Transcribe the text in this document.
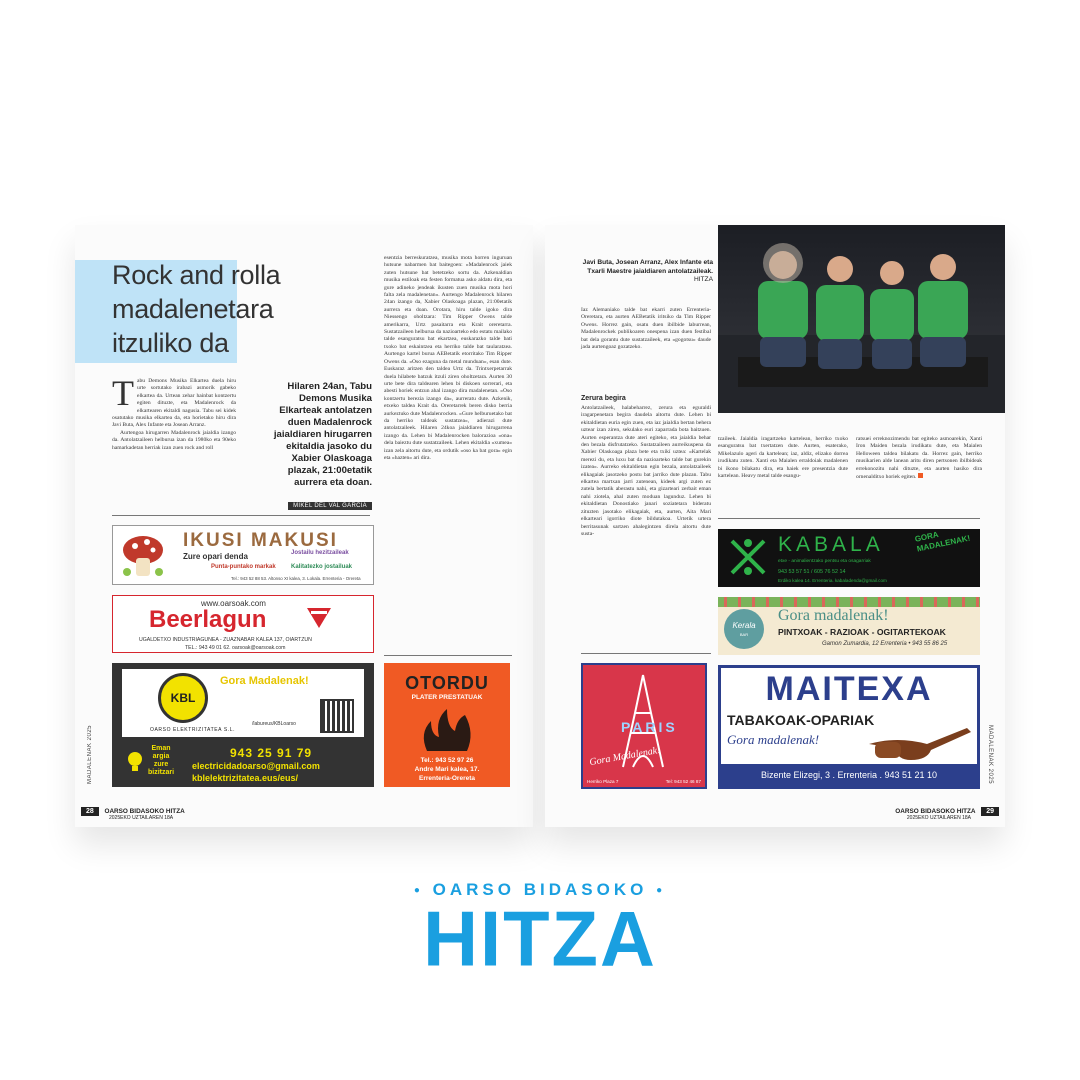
Rock and rolla madalenetara itzuliko da
T abu Demons Musika Elkartea duela hiru urte sortutako irabazi asmorik gabeko elkartea da. Urtean zehar hainbat kontzertu egiten dituzte, eta Madalenrock da elkartearen ekitaldi nagusia. Tabu sei kidek osatutako musika elkartea da, eta horietako hiru dira Javi Buta, Alex Infante eta Josean Arranz.
Aurtengoa hirugarren Madalenrock jaialdia izango da. Antolatzaileen helburua izan da 1980ko eta 90eko hamarkadetan herriak izan zuen rock and roll
Hilaren 24an, Tabu Demons Musika Elkarteak antolatzen duen Madalenrock jaialdiaren hirugarren ekitaldia jasoko du Xabier Olaskoaga plazak, 21:00etatik aurrera eta doan.
MIKEL DEL VAL GARCIA
esentzia berreskuratzea, musika mota horren inguruan hutsune nabarmen bat baitegoen: «Madalenrock jaiek zuten hutsune bat betetzeko sortu da. Azkenaldian musika estiloak eta festen formatua asko aldatu dira, eta gure adineko jendeak ikusten zuen musika mota hori falta zela madalenetan». Aurtengo Madalenrock hilaren 24an izango da, Xabier Olaskoaga plazan, 21:00etatik aurrera eta doan. Orotara, hiru talde igoko dira Niessengo oholtzara: Tim Ripper Owens talde amerikarra, Urtz pasaitarra eta Krait oreretarra. Sustatzaileen helburua da nazioarteko edo estatu mailako talde esanguratsu bat ekartzea, euskarazko talde bati txoko bat eskaintzea eta herriko talde bat taularatzea. Aurtengo kartel burua AEBetatik etorritako Tim Ripper Owens da. «Oso ezaguna da metal munduan», esan dute. Euskaraz aritzen den taldea Urtz da. Trintxerpetarrak duela hilabete batzuk itzuli ziren oholtzetara. Aurten 30 urte bete dira taldearen lehen bi diskoen sorrerari, eta abesti horiek entzun ahal izango dira madalenetan. «Oso kontzertu berezia izango da», aurreratu dute. Azkenik, etxeko taldea Krait da. Oreretarrek beren disko berria aurkeztuko dute Madalenrocken. «Gure helburuetako bat da herriko taldeak sustatzea», adierazi dute antolatzaileek. Hilaren 24koa jaialdiaren hirugarrena izango da. Lehen bi Madalenrocken balorazioa «ona» dela baieztu dute sustatzaileek. Lehen ekitaldia «xumea» izan zela aitortu dute, eta ordutik «oso ka bat gora» egin eta «hazten» ari dira.
IKUSI MAKUSI
Zure opari denda	Jostailu hezitzaileak
Punta-puntako markak	Kalitatezko jostailuak
Tel.: 943 52 88 53. Altonso XI kalea, 3. Lokala. Errenteria - Orereta
www.oarsoak.com
Beerlagun
UGALDETXO INDUSTRIAGUNEA - ZUAZNABAR KALEA 137, OIARTZUN
TEL.: 943 49 01 62. oarsoak@oarsoak.com
KBL
Gora Madalenak!
OARSO ELEKTRIZITATEA S.L.
/labureus/KBLoarso
Eman
argia
zure
bizitzari
943 25 91 79
electricidadoarso@gmail.com
kblelektrizitatea.eus/eus/
OTORDU
PLATER PRESTATUAK
Tel.: 943 52 97 26
Andre Mari kalea, 17.
Errenteria-Orereta
MADALENAK 2025
28 OARSO BIDASOKO HITZA
2025EKO UZTAILAREN 18A
Javi Buta, Josean Arranz, Alex Infante eta Txarli Maestre jaialdiaren antolatzaileak. HITZA
Iaz Alemaniako talde bat ekarri zuten Errenteria-Oreretara, eta aurten AEBetatik iritsiko da Tim Ripper Owens. Horrez gain, osatu duen ibilbide laburrean, Madalenrockek publikoaren onespena izan duen festibal bat dela gorantu dute sustatzaileek, eta «gogotsu» daude jada aurtengoaz gozatzeko.
Zerura begira
Antolatzaileek, halabeharrez, zerura eta eguraldi iragarpenetara begira daudela aitortu dute. Lehen bi ekitaldietan euria egin zuen, eta iaz jaialdia bertan behera uztear izan ziren, sekulako euri zaparrada bota baitzuen. Aurten esperantza dute ateri egiteko, eta jaialdia behar den bezala disfrutatzeko. Sustatzaileen aurreikuspena da Xabier Olaskoaga plaza bete eta txikí uztea: «Kartelak merezi du, eta luxu bat da nazioarteko talde bat gurekin izatea». Aurreko ekitaldietan egin bezala, antolatzaileek elikagaiak jasotzeko postu bat jarriko dute plazan. Tabu elkartea martxan jarri zutenean, kideek argi zuten ez zutela bertatik aberastu nahi, eta gizarteari zerbait eman nahi ziotela, ahal zuten moduan lagunduz. Lehen bi ekitaldietan Donostiako janari soziatetara bideratu zituzten jasotako elikagaiak, eta, aurten, Aita Mari elkarteari igorriko diote bildutakoa. Urtetik urtera berritasunak sartzen ahalegintzen direla aitortu dute susta-
tzaileek. Jaialdia iragartzeko kartelean, herriko txoko esanguratsu bat txertatzen dute. Aurten, esaterako, Mikelazulo ageri da kartelean; iaz, aldiz, elizako dorrea irudikatu zuten. Xanti eta Maialen erraldoiak madalenen bi ikono bilakatu dira, eta haiek ere presentzia dute kartelean. Heavy metal talde esangu-
ratsuei erreknozimendu bat egiteko asmoarekin, Xanti Iron Maiden bezala irudikatu dute, eta Maialen Helloween taldea bilakatu da. Horrez gain, herriko musikarien alde lanean aritu diren pertsonen ibilbideak errekonozitu nahi dituzte, eta aurten hasiko dira ornenalditxo horiek egiten.
KABALA	GORA MADALENAK!
etxe - animalientzako pentsu eta osagarriak
943 53 57 51 / 605 76 52 14
Erdiko kalea 14. Errenteria. kabaladenda@gmail.com
Kerala
BAR
Gora madalenak!
PINTXOAK - RAZIOAK - OGITARTEKOAK
Gamon Zumardia, 12 Errenteria • 943 55 86 25
PARIS
Gora Madalenak!
Herriko Plaza 7	Tel: 943 52 46 87
MAITEXA
TABAKOAK-OPARIAK
Gora madalenak!
Bizente Elizegi, 3 . Errenteria . 943 51 21 10	MADALENAK 2025
OARSO BIDASOKO HITZA 29
2025EKO UZTAILAREN 18A
● OARSO BIDASOKO ●
HITZA
